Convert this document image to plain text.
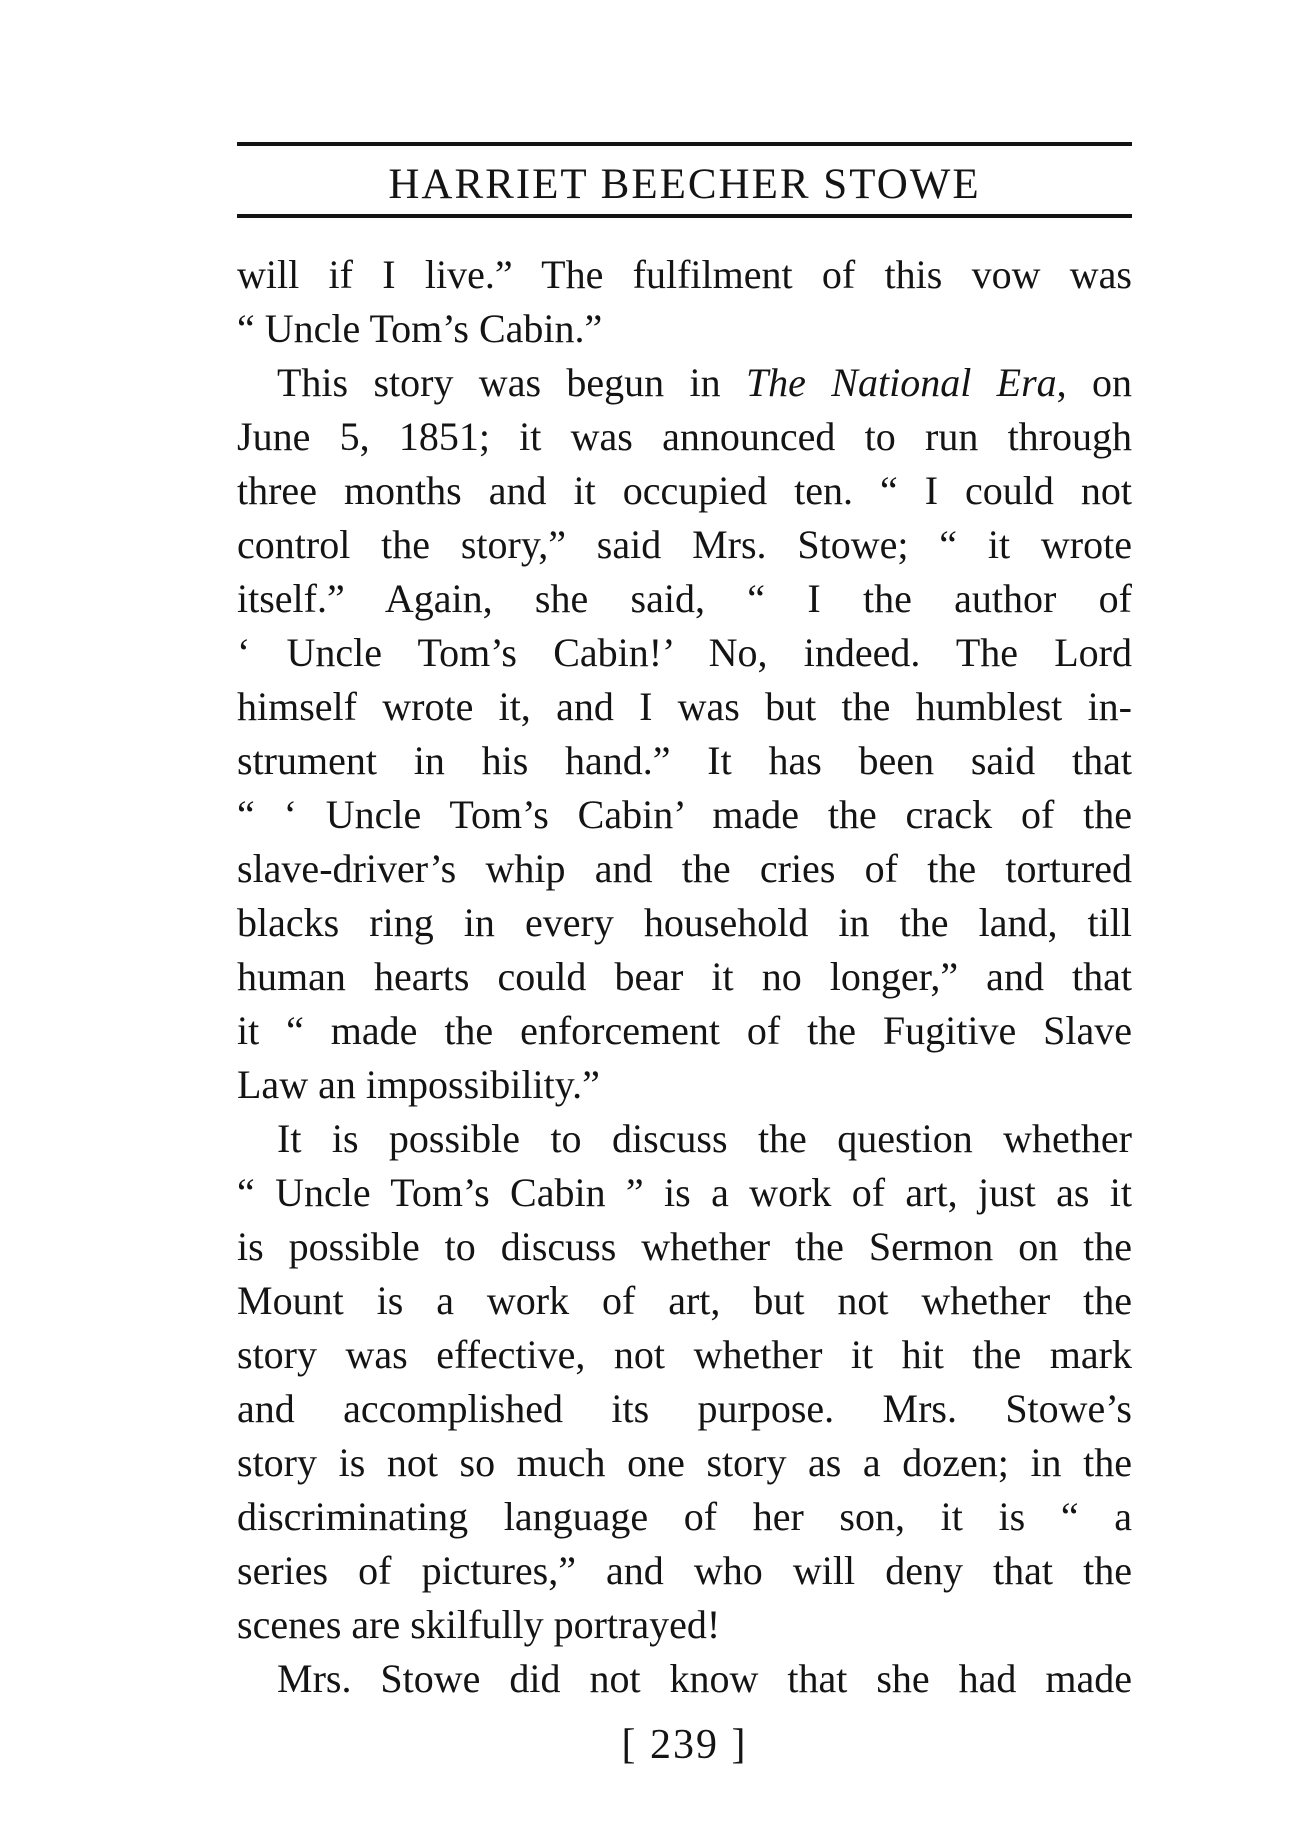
HARRIET BEECHER STOWE
will if I live.” The fulfilment of this vow was
“ Uncle Tom’s Cabin.”
This story was begun in The National Era, on
June 5, 1851; it was announced to run through
three months and it occupied ten. “ I could not
control the story,” said Mrs. Stowe; “ it wrote
itself.” Again, she said, “ I the author of
‘ Uncle Tom’s Cabin!’ No, indeed. The Lord
himself wrote it, and I was but the humblest in-
strument in his hand.” It has been said that
“ ‘ Uncle Tom’s Cabin’ made the crack of the
slave-driver’s whip and the cries of the tortured
blacks ring in every household in the land, till
human hearts could bear it no longer,” and that
it “ made the enforcement of the Fugitive Slave
Law an impossibility.”
It is possible to discuss the question whether
“ Uncle Tom’s Cabin ” is a work of art, just as it
is possible to discuss whether the Sermon on the
Mount is a work of art, but not whether the
story was effective, not whether it hit the mark
and accomplished its purpose. Mrs. Stowe’s
story is not so much one story as a dozen; in the
discriminating language of her son, it is “ a
series of pictures,” and who will deny that the
scenes are skilfully portrayed!
Mrs. Stowe did not know that she had made
[ 239 ]
